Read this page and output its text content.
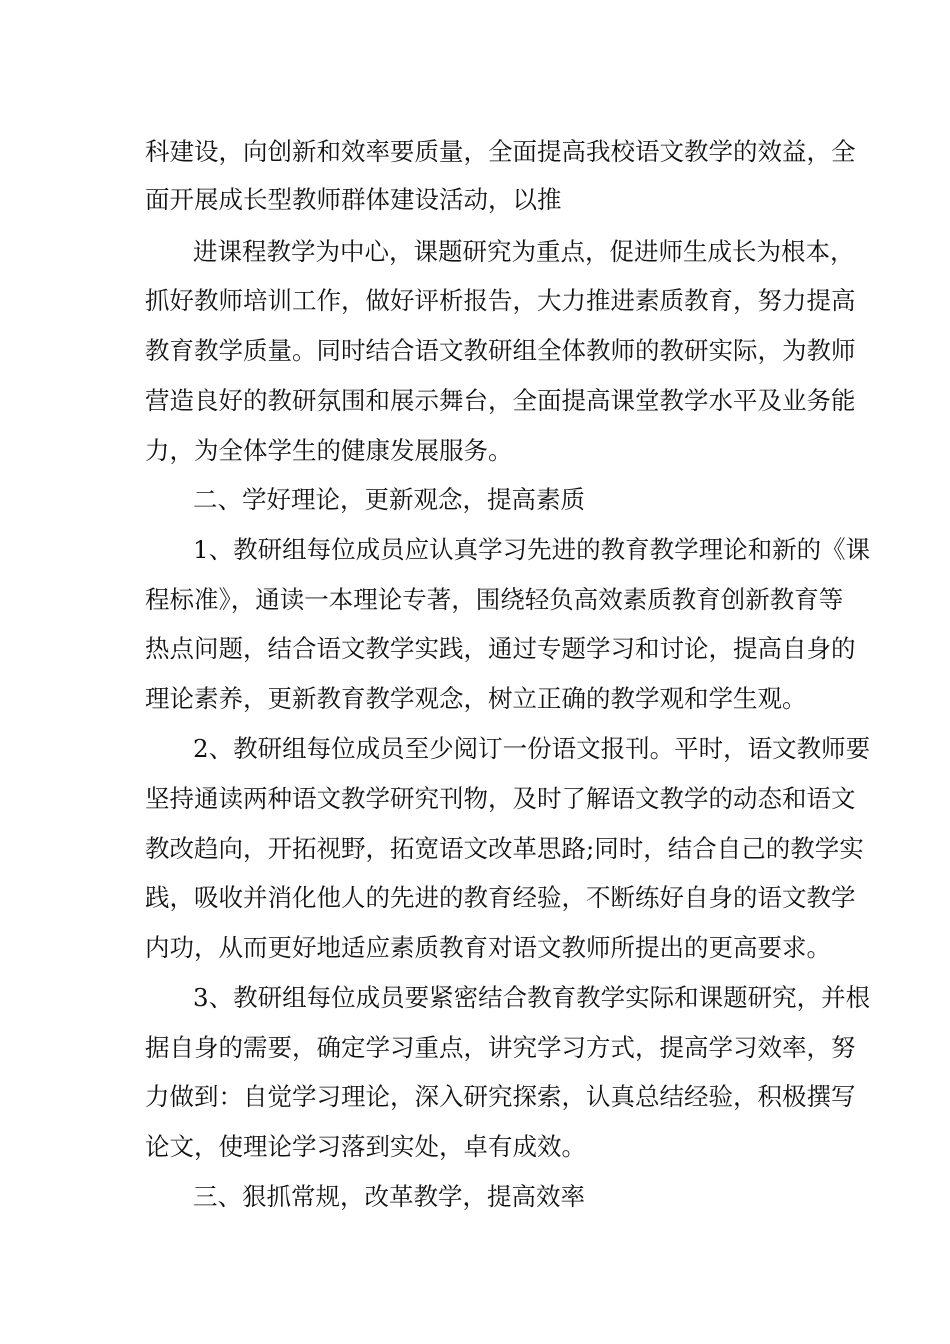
科建设，向创新和效率要质量，全面提高我校语文教学的效益，全
面开展成长型教师群体建设活动，以推
进课程教学为中心，课题研究为重点，促进师生成长为根本，
抓好教师培训工作，做好评析报告，大力推进素质教育，努力提高
教育教学质量。同时结合语文教研组全体教师的教研实际，为教师
营造良好的教研氛围和展示舞台，全面提高课堂教学水平及业务能
力，为全体学生的健康发展服务。
二、学好理论，更新观念，提高素质
1、教研组每位成员应认真学习先进的教育教学理论和新的《课
程标准》，通读一本理论专著，围绕轻负高效素质教育创新教育等
热点问题，结合语文教学实践，通过专题学习和讨论，提高自身的
理论素养，更新教育教学观念，树立正确的教学观和学生观。
2、教研组每位成员至少阅订一份语文报刊。平时，语文教师要
坚持通读两种语文教学研究刊物，及时了解语文教学的动态和语文
教改趋向，开拓视野，拓宽语文改革思路;同时，结合自己的教学实
践，吸收并消化他人的先进的教育经验，不断练好自身的语文教学
内功，从而更好地适应素质教育对语文教师所提出的更高要求。
3、教研组每位成员要紧密结合教育教学实际和课题研究，并根
据自身的需要，确定学习重点，讲究学习方式，提高学习效率，努
力做到：自觉学习理论，深入研究探索，认真总结经验，积极撰写
论文，使理论学习落到实处，卓有成效。
三、狠抓常规，改革教学，提高效率
